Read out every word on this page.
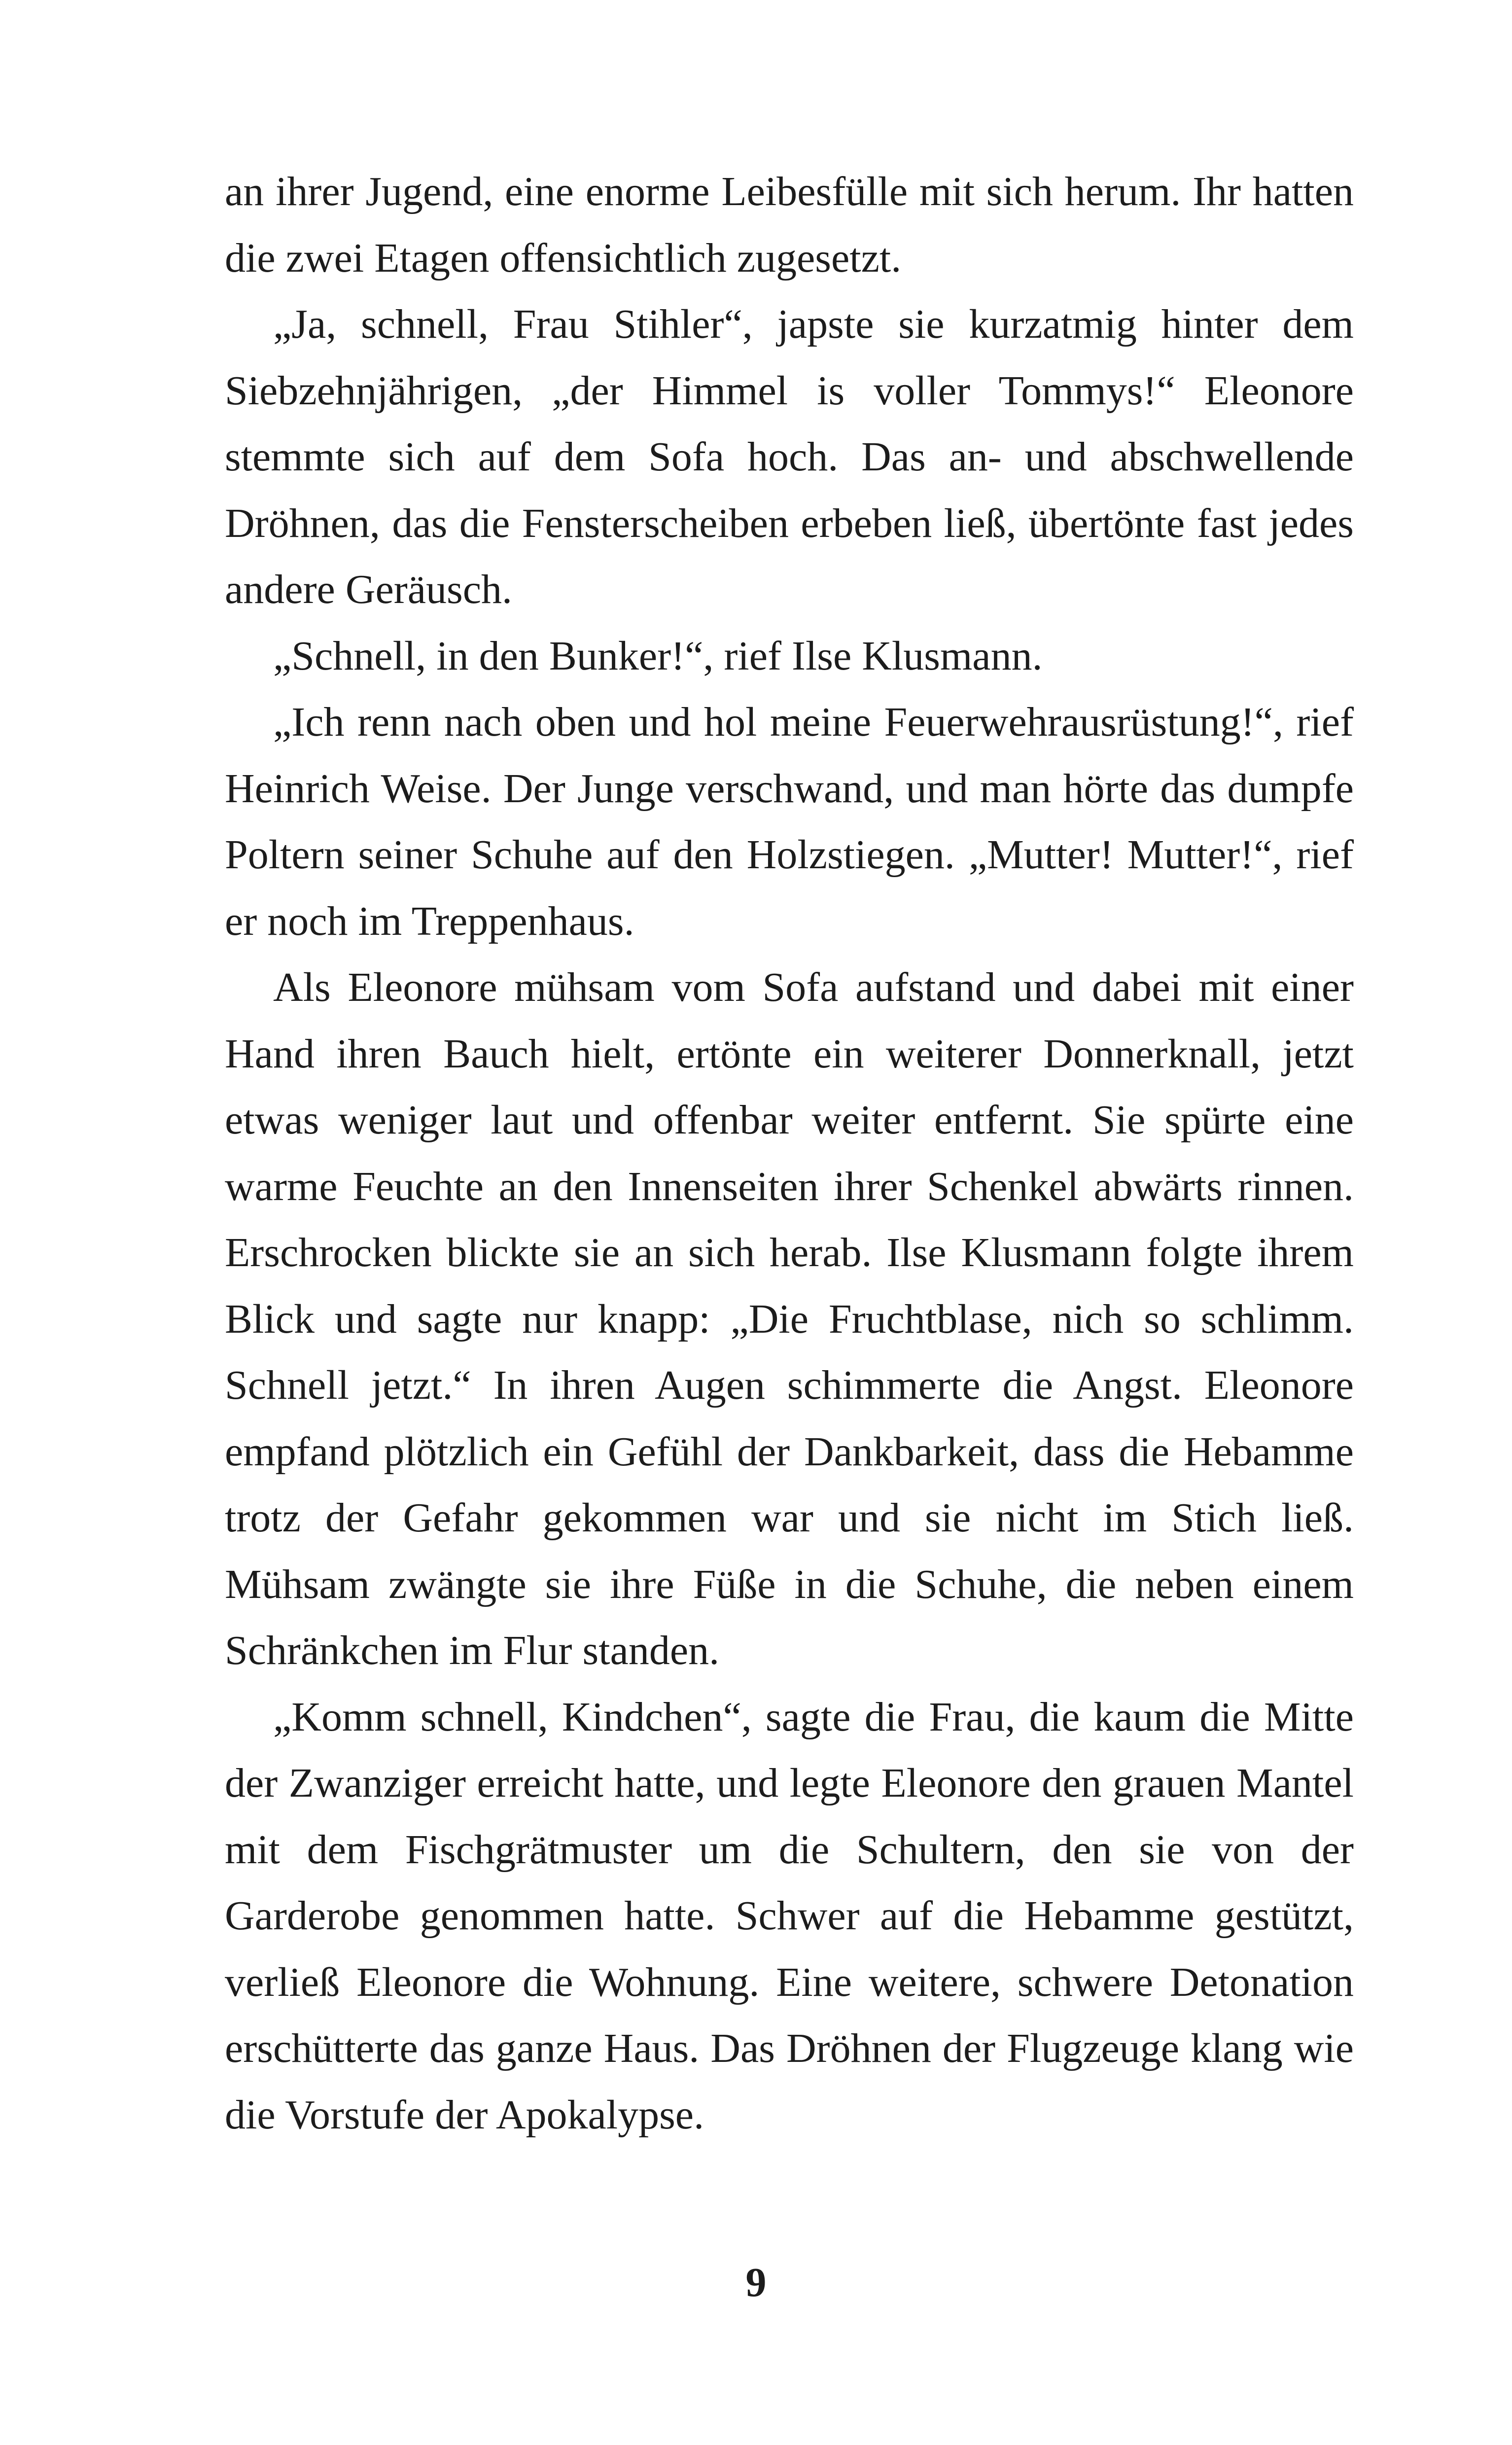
an ihrer Jugend, eine enorme Leibesfülle mit sich herum. Ihr hatten die zwei Etagen offensichtlich zugesetzt.

„Ja, schnell, Frau Stihler“, japste sie kurzatmig hinter dem Siebzehnjährigen, „der Himmel is voller Tommys!“ Eleonore stemmte sich auf dem Sofa hoch. Das an- und abschwellende Dröhnen, das die Fensterscheiben erbeben ließ, übertönte fast jedes andere Geräusch.

„Schnell, in den Bunker!“, rief Ilse Klusmann.

„Ich renn nach oben und hol meine Feuerwehrausrüstung!“, rief Heinrich Weise. Der Junge verschwand, und man hörte das dumpfe Poltern seiner Schuhe auf den Holzstiegen. „Mutter! Mutter!“, rief er noch im Treppenhaus.

Als Eleonore mühsam vom Sofa aufstand und dabei mit einer Hand ihren Bauch hielt, ertönte ein weiterer Donnerknall, jetzt etwas weniger laut und offenbar weiter entfernt. Sie spürte eine warme Feuchte an den Innenseiten ihrer Schenkel abwärts rinnen. Erschrocken blickte sie an sich herab. Ilse Klusmann folgte ihrem Blick und sagte nur knapp: „Die Fruchtblase, nich so schlimm. Schnell jetzt.“ In ihren Augen schimmerte die Angst. Eleonore empfand plötzlich ein Gefühl der Dankbarkeit, dass die Hebamme trotz der Gefahr gekommen war und sie nicht im Stich ließ. Mühsam zwängte sie ihre Füße in die Schuhe, die neben einem Schränkchen im Flur standen.

„Komm schnell, Kindchen“, sagte die Frau, die kaum die Mitte der Zwanziger erreicht hatte, und legte Eleonore den grauen Mantel mit dem Fischgrätmuster um die Schultern, den sie von der Garderobe genommen hatte. Schwer auf die Hebamme gestützt, verließ Eleonore die Wohnung. Eine weitere, schwere Detonation erschütterte das ganze Haus. Das Dröhnen der Flugzeuge klang wie die Vorstufe der Apokalypse.

9
